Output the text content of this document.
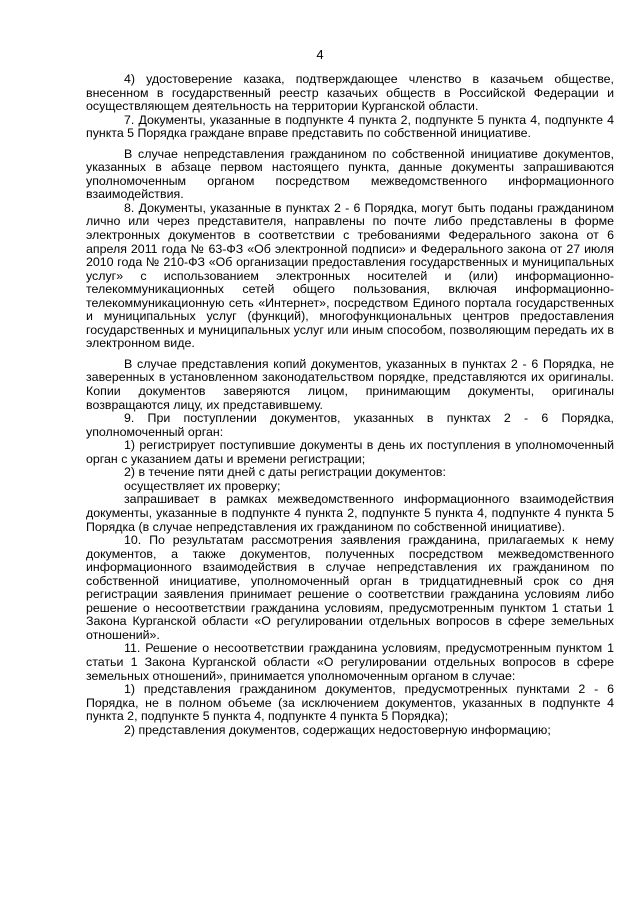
4

4) удостоверение казака, подтверждающее членство в казачьем обществе, внесенном в государственный реестр казачьих обществ в Российской Федерации и осуществляющем деятельность на территории Курганской области.

7. Документы, указанные в подпункте 4 пункта 2, подпункте 5 пункта 4, подпункте 4 пункта 5 Порядка граждане вправе представить по собственной инициативе.

В случае непредставления гражданином по собственной инициативе документов, указанных в абзаце первом настоящего пункта, данные документы запрашиваются уполномоченным органом посредством межведомственного информационного взаимодействия.

8. Документы, указанные в пунктах 2 - 6 Порядка, могут быть поданы гражданином лично или через представителя, направлены по почте либо представлены в форме электронных документов в соответствии с требованиями Федерального закона от 6 апреля 2011 года № 63-ФЗ «Об электронной подписи» и Федерального закона от 27 июля 2010 года № 210-ФЗ «Об организации предоставления государственных и муниципальных услуг» с использованием электронных носителей и (или) информационно-телекоммуникационных сетей общего пользования, включая информационно-телекоммуникационную сеть «Интернет», посредством Единого портала государственных и муниципальных услуг (функций), многофункциональных центров предоставления государственных и муниципальных услуг или иным способом, позволяющим передать их в электронном виде.

В случае представления копий документов, указанных в пунктах 2 - 6 Порядка, не заверенных в установленном законодательством порядке, представляются их оригиналы. Копии документов заверяются лицом, принимающим документы, оригиналы возвращаются лицу, их представившему.

9. При поступлении документов, указанных в пунктах 2 - 6 Порядка, уполномоченный орган:

1) регистрирует поступившие документы в день их поступления в уполномоченный орган с указанием даты и времени регистрации;

2) в течение пяти дней с даты регистрации документов:

осуществляет их проверку;

запрашивает в рамках межведомственного информационного взаимодействия документы, указанные в подпункте 4 пункта 2, подпункте 5 пункта 4, подпункте 4 пункта 5 Порядка (в случае непредставления их гражданином по собственной инициативе).

10. По результатам рассмотрения заявления гражданина, прилагаемых к нему документов, а также документов, полученных посредством межведомственного информационного взаимодействия в случае непредставления их гражданином по собственной инициативе, уполномоченный орган в тридцатидневный срок со дня регистрации заявления принимает решение о соответствии гражданина условиям либо решение о несоответствии гражданина условиям, предусмотренным пунктом 1 статьи 1 Закона Курганской области «О регулировании отдельных вопросов в сфере земельных отношений».

11. Решение о несоответствии гражданина условиям, предусмотренным пунктом 1 статьи 1 Закона Курганской области «О регулировании отдельных вопросов в сфере земельных отношений», принимается уполномоченным органом в случае:

1) представления гражданином документов, предусмотренных пунктами 2 - 6 Порядка, не в полном объеме (за исключением документов, указанных в подпункте 4 пункта 2, подпункте 5 пункта 4, подпункте 4 пункта 5 Порядка);

2) представления документов, содержащих недостоверную информацию;
